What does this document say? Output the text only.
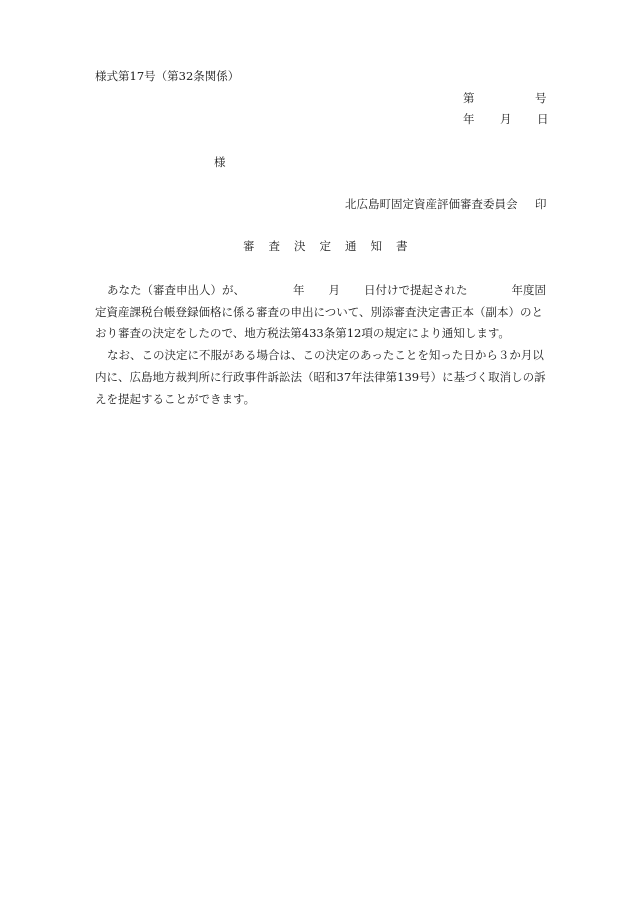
様式第17号（第32条関係）
第	号
年 月 日
様
北広島町固定資産評価審査委員会 印
審 査 決 定 通 知 書
あなた（審査申出人）が、	年 月 日付けで提起された	年度固
定資産課税台帳登録価格に係る審査の申出について、別添審査決定書正本（副本）のと
おり審査の決定をしたので、地方税法第433条第12項の規定により通知します。
なお、この決定に不服がある場合は、この決定のあったことを知った日から３か月以
内に、広島地方裁判所に行政事件訴訟法（昭和37年法律第139号）に基づく取消しの訴
えを提起することができます。
